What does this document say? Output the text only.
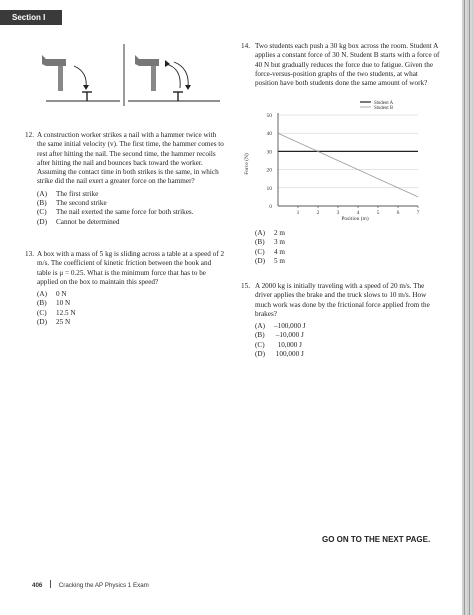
Section I
12. A construction worker strikes a nail with a hammer twice with the same initial velocity (v). The first time, the hammer comes to rest after hitting the nail. The second time, the hammer recoils after hitting the nail and bounces back toward the worker. Assuming the contact time in both strikes is the same, in which strike did the nail exert a greater force on the hammer?

(A)	The first strike
(B)	The second strike
(C)	The nail exerted the same force for both strikes.
(D)	Cannot be determined
13. A box with a mass of 5 kg is sliding across a table at a speed of 2 m/s. The coefficient of kinetic friction between the book and table is μ = 0.25. What is the minimum force that has to be applied on the box to maintain this speed?

(A)	0 N
(B)	10 N
(C)	12.5 N
(D)	25 N
14. Two students each push a 30 kg box across the room. Student A applies a constant force of 30 N. Student B starts with a force of 40 N but gradually reduces the force due to fatigue. Given the force-versus-position graphs of the two students, at what position have both students done the same amount of work?

0
10
20
30
40
50
1	2	3	4	5	6	7
Force (N)
Position (m)
Student A
Student B
(A)	2 m
(B)	3 m
(C)	4 m
(D)	5 m
15. A 2000 kg is initially traveling with a speed of 20 m/s. The driver applies the brake and the truck slows to 10 m/s. How much work was done by the frictional force applied from the brakes?

(A)	–100,000 J
(B)	–10,000 J
(C)	10,000 J
(D)	100,000 J
GO ON TO THE NEXT PAGE.
406	Cracking the AP Physics 1 Exam
